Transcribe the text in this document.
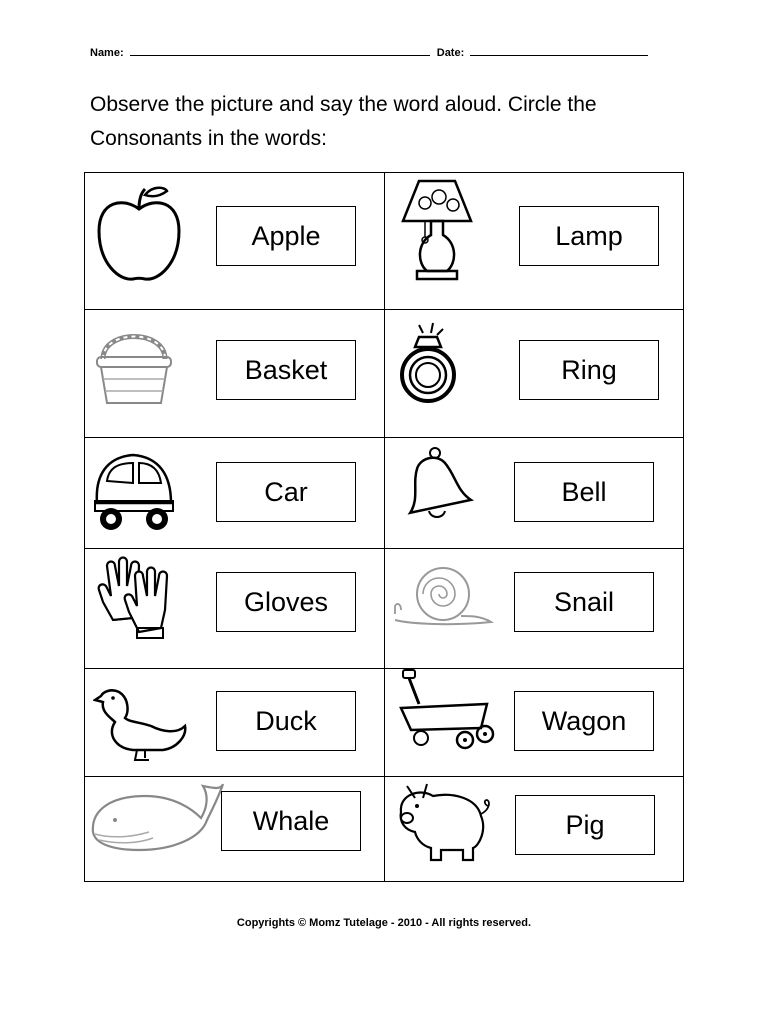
Name:	Date:
Observe the picture and say the word aloud. Circle the Consonants in the words:
Apple	Lamp
Basket	Ring
Car	Bell
Gloves	Snail
Duck	Wagon
Whale	Pig
Copyrights © Momz Tutelage - 2010 - All rights reserved.
